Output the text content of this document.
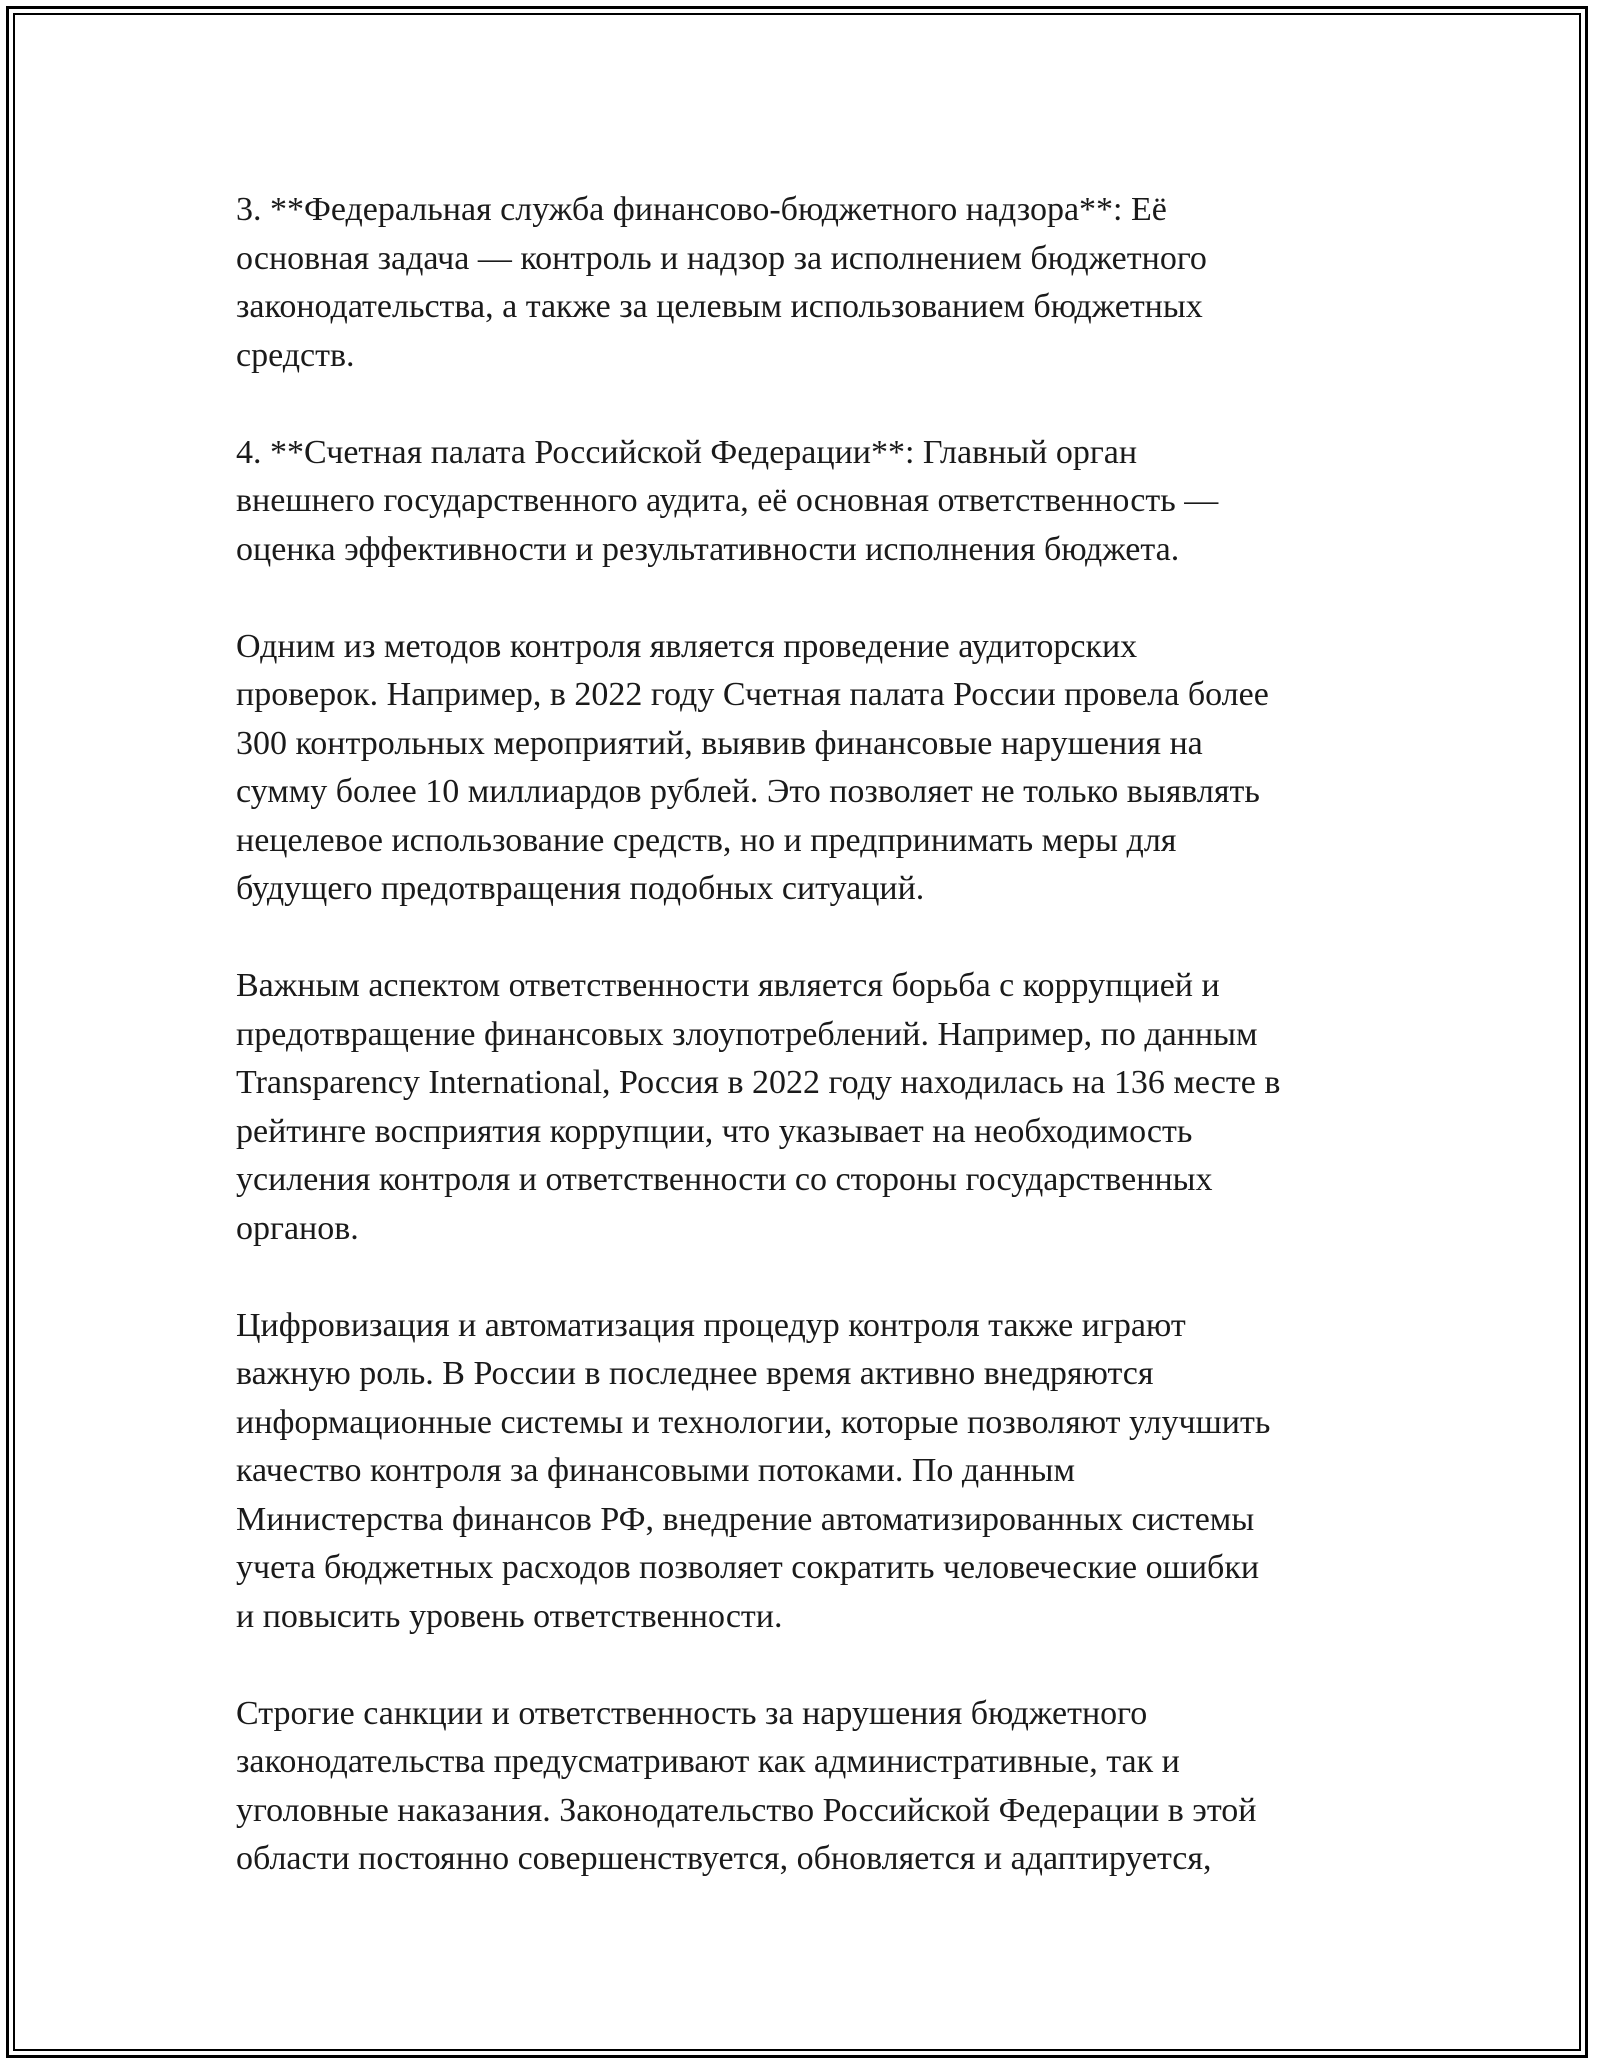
3. **Федеральная служба финансово-бюджетного надзора**: Её
основная задача — контроль и надзор за исполнением бюджетного
законодательства, а также за целевым использованием бюджетных
средств.

4. **Счетная палата Российской Федерации**: Главный орган
внешнего государственного аудита, её основная ответственность —
оценка эффективности и результативности исполнения бюджета.

Одним из методов контроля является проведение аудиторских
проверок. Например, в 2022 году Счетная палата России провела более
300 контрольных мероприятий, выявив финансовые нарушения на
сумму более 10 миллиардов рублей. Это позволяет не только выявлять
нецелевое использование средств, но и предпринимать меры для
будущего предотвращения подобных ситуаций.

Важным аспектом ответственности является борьба с коррупцией и
предотвращение финансовых злоупотреблений. Например, по данным
Transparency International, Россия в 2022 году находилась на 136 месте в
рейтинге восприятия коррупции, что указывает на необходимость
усиления контроля и ответственности со стороны государственных
органов.

Цифровизация и автоматизация процедур контроля также играют
важную роль. В России в последнее время активно внедряются
информационные системы и технологии, которые позволяют улучшить
качество контроля за финансовыми потоками. По данным
Министерства финансов РФ, внедрение автоматизированных системы
учета бюджетных расходов позволяет сократить человеческие ошибки
и повысить уровень ответственности.

Строгие санкции и ответственность за нарушения бюджетного
законодательства предусматривают как административные, так и
уголовные наказания. Законодательство Российской Федерации в этой
области постоянно совершенствуется, обновляется и адаптируется,
